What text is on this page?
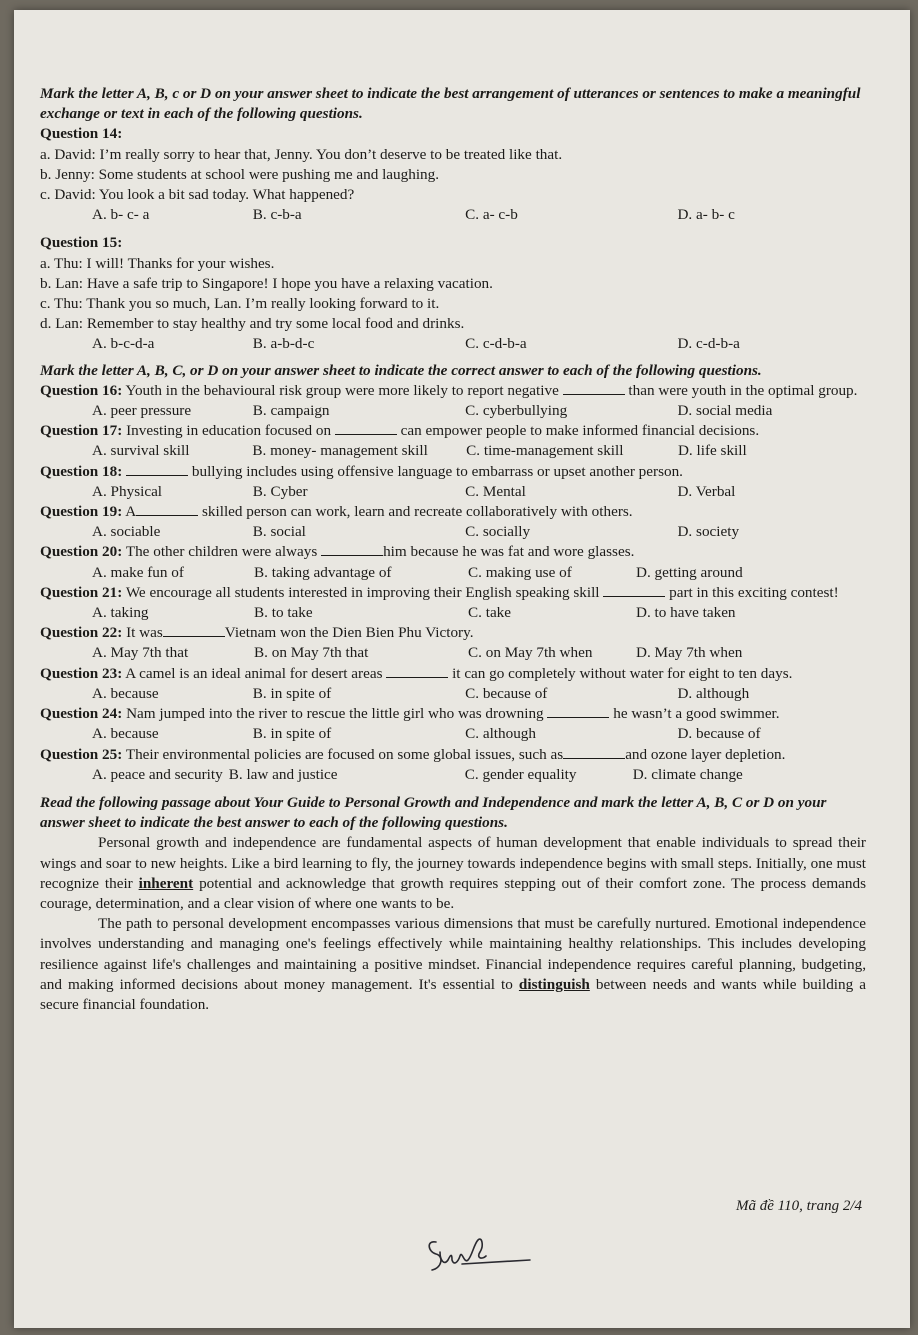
Mark the letter A, B, c or D on your answer sheet to indicate the best arrangement of utterances or sentences to make a meaningful exchange or text in each of the following questions.

Question 14:

a. David: I’m really sorry to hear that, Jenny. You don’t deserve to be treated like that.

b. Jenny: Some students at school were pushing me and laughing.

c. David: You look a bit sad today. What happened?

A. b- c- a	B. c-b-a	C. a- c-b	D. a- b- c

Question 15:

a. Thu: I will! Thanks for your wishes.

b. Lan: Have a safe trip to Singapore! I hope you have a relaxing vacation.

c. Thu: Thank you so much, Lan. I’m really looking forward to it.

d. Lan: Remember to stay healthy and try some local food and drinks.

A. b-c-d-a	B. a-b-d-c	C. c-d-b-a	D. c-d-b-a

Mark the letter A, B, C, or D on your answer sheet to indicate the correct answer to each of the following questions.

Question 16: Youth in the behavioural risk group were more likely to report negative	than were youth in the optimal group.

A. peer pressure	B. campaign	C. cyberbullying	D. social media

Question 17: Investing in education focused on	can empower people to make informed financial decisions.

A. survival skill	B. money- management skill	C. time-management skill	D. life skill

Question 18:	bullying includes using offensive language to embarrass or upset another person.

A. Physical	B. Cyber	C. Mental	D. Verbal

Question 19: A	skilled person can work, learn and recreate collaboratively with others.

A. sociable	B. social	C. socially	D. society

Question 20: The other children were always	him because he was fat and wore glasses.

A. make fun of	B. taking advantage of	C. making use of	D. getting around

Question 21: We encourage all students interested in improving their English speaking skill	part in this exciting contest!

A. taking	B. to take	C. take	D. to have taken

Question 22: It was	Vietnam won the Dien Bien Phu Victory.

A. May 7th that	B. on May 7th that	C. on May 7th when	D. May 7th when

Question 23: A camel is an ideal animal for desert areas	it can go completely without water for eight to ten days.

A. because	B. in spite of	C. because of	D. although

Question 24: Nam jumped into the river to rescue the little girl who was drowning	he wasn’t a good swimmer.

A. because	B. in spite of	C. although	D. because of

Question 25: Their environmental policies are focused on some global issues, such as	and ozone layer depletion.

A. peace and security B. law and justice	C. gender equality	D. climate change

Read the following passage about Your Guide to Personal Growth and Independence and mark the letter A, B, C or D on your answer sheet to indicate the best answer to each of the following questions.

Personal growth and independence are fundamental aspects of human development that enable individuals to spread their wings and soar to new heights. Like a bird learning to fly, the journey towards independence begins with small steps. Initially, one must recognize their inherent potential and acknowledge that growth requires stepping out of their comfort zone. The process demands courage, determination, and a clear vision of where one wants to be.

The path to personal development encompasses various dimensions that must be carefully nurtured. Emotional independence involves understanding and managing one's feelings effectively while maintaining healthy relationships. This includes developing resilience against life's challenges and maintaining a positive mindset. Financial independence requires careful planning, budgeting, and making informed decisions about money management. It's essential to distinguish between needs and wants while building a secure financial foundation.

Mã đề 110, trang 2/4
